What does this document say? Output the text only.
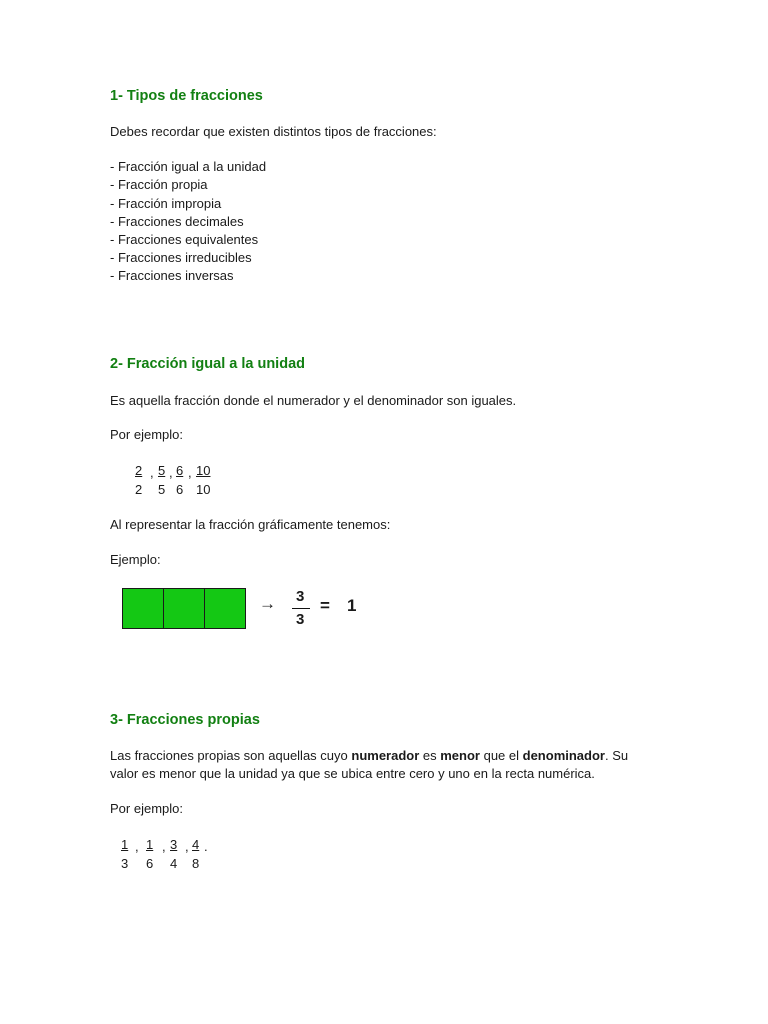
1- Tipos de fracciones
Debes recordar que existen distintos tipos de fracciones:
- Fracción igual a la unidad
- Fracción propia
- Fracción impropia
- Fracciones decimales
- Fracciones equivalentes
- Fracciones irreducibles
- Fracciones inversas
2- Fracción igual a la unidad
Es aquella fracción donde el numerador y el denominador son iguales.
Por ejemplo:
2
2
, 5
5
, 6
6
, 10
10
Al representar la fracción gráficamente tenemos:
Ejemplo:
→ 3
3
= 1
3- Fracciones propias
Las fracciones propias son aquellas cuyo numerador es menor que el denominador. Su
valor es menor que la unidad ya que se ubica entre cero y uno en la recta numérica.
Por ejemplo:
1
3
, 1
6
, 3
4
, 4
8
.
